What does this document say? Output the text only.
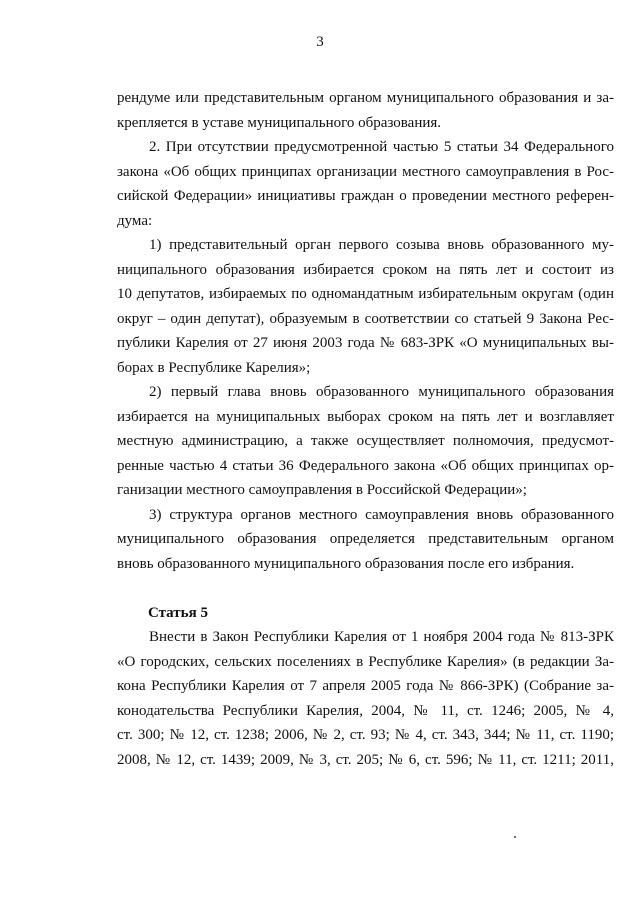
3
рендуме или представительным органом муниципального образования и за-
крепляется в уставе муниципального образования.
2. При отсутствии предусмотренной частью 5 статьи 34 Федерального
закона «Об общих принципах организации местного самоуправления в Рос-
сийской Федерации» инициативы граждан о проведении местного референ-
дума:
1) представительный орган первого созыва вновь образованного му-
ниципального образования избирается сроком на пять лет и состоит из
10 депутатов, избираемых по одномандатным избирательным округам (один
округ – один депутат), образуемым в соответствии со статьей 9 Закона Рес-
публики Карелия от 27 июня 2003 года № 683-ЗРК «О муниципальных вы-
борах в Республике Карелия»;
2) первый глава вновь образованного муниципального образования
избирается на муниципальных выборах сроком на пять лет и возглавляет
местную администрацию, а также осуществляет полномочия, предусмот-
ренные частью 4 статьи 36 Федерального закона «Об общих принципах ор-
ганизации местного самоуправления в Российской Федерации»;
3) структура органов местного самоуправления вновь образованного
муниципального образования определяется представительным органом
вновь образованного муниципального образования после его избрания.
Статья 5
Внести в Закон Республики Карелия от 1 ноября 2004 года № 813-ЗРК
«О городских, сельских поселениях в Республике Карелия» (в редакции За-
кона Республики Карелия от 7 апреля 2005 года № 866-ЗРК) (Собрание за-
конодательства Республики Карелия, 2004, № 11, ст. 1246; 2005, № 4,
ст. 300; № 12, ст. 1238; 2006, № 2, ст. 93; № 4, ст. 343, 344; № 11, ст. 1190;
2008, № 12, ст. 1439; 2009, № 3, ст. 205; № 6, ст. 596; № 11, ст. 1211; 2011,
